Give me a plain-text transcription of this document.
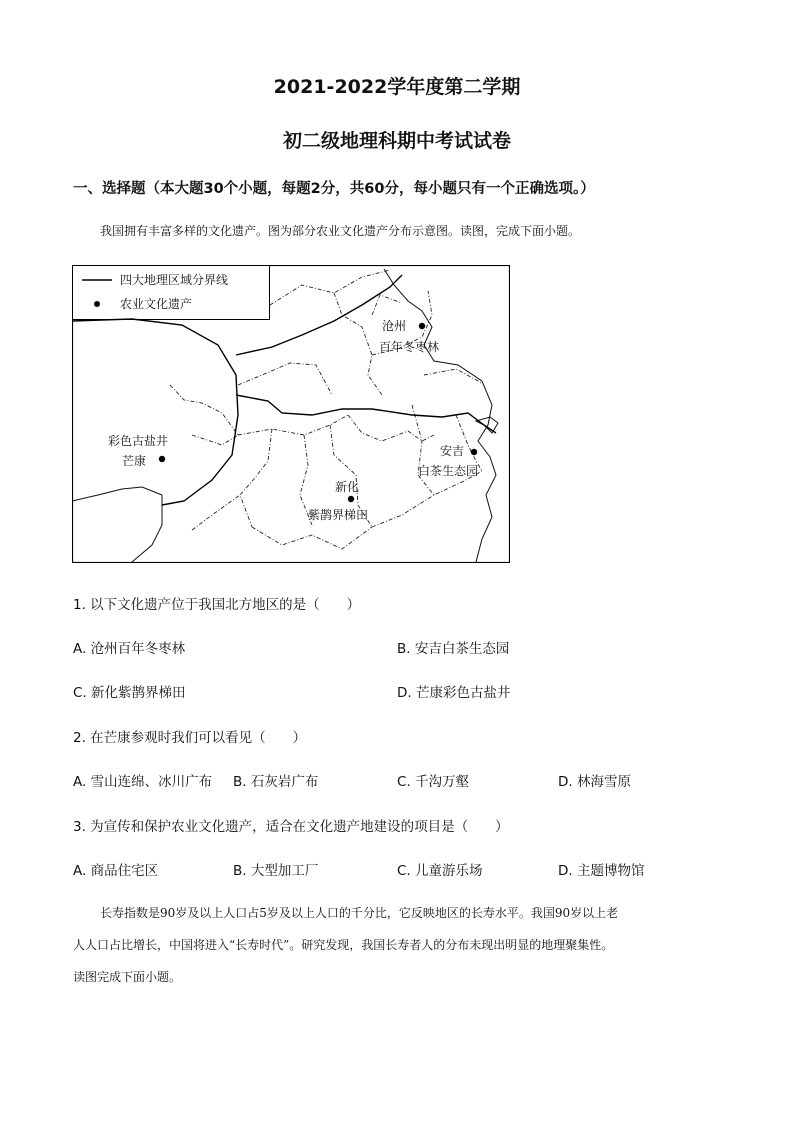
2021-2022学年度第二学期
初二级地理科期中考试试卷
一、选择题（本大题30个小题，每题2分，共60分，每小题只有一个正确选项。）
我国拥有丰富多样的文化遗产。图为部分农业文化遗产分布示意图。读图，完成下面小题。
四大地理区域分界线
农业文化遗产
沧州
百年冬枣林
彩色古盐井
芒康
安吉
白茶生态园
新化
紫鹊界梯田
1. 以下文化遗产位于我国北方地区的是（　　）
A. 沧州百年冬枣林	B. 安吉白茶生态园
C. 新化紫鹊界梯田	D. 芒康彩色古盐井
2. 在芒康参观时我们可以看见（　　）
A. 雪山连绵、冰川广布 B. 石灰岩广布	C. 千沟万壑	D. 林海雪原
3. 为宣传和保护农业文化遗产，适合在文化遗产地建设的项目是（　　）
A. 商品住宅区	B. 大型加工厂	C. 儿童游乐场	D. 主题博物馆
长寿指数是90岁及以上人口占5岁及以上人口的千分比，它反映地区的长寿水平。我国90岁以上老
人人口占比增长，中国将进入“长寿时代”。研究发现，我国长寿者人的分布未现出明显的地理聚集性。
读图完成下面小题。
